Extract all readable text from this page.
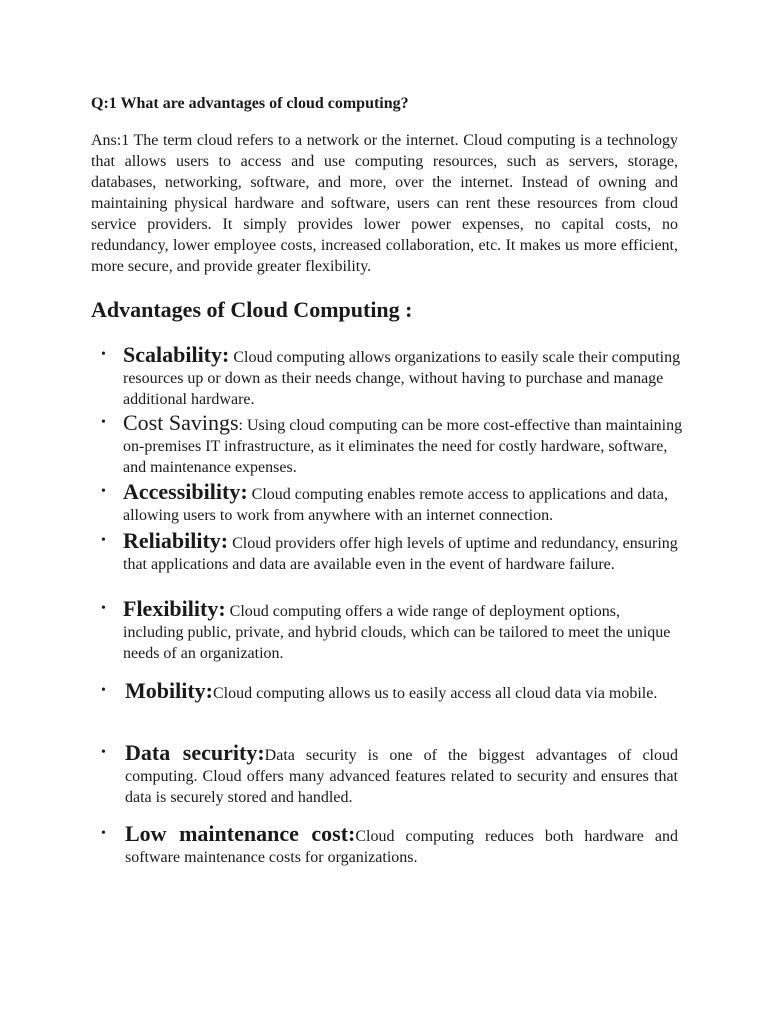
Q:1 What are advantages of cloud computing?

Ans:1 The term cloud refers to a network or the internet. Cloud computing is a technology that allows users to access and use computing resources, such as servers, storage, databases, networking, software, and more, over the internet. Instead of owning and maintaining physical hardware and software, users can rent these resources from cloud service providers. It simply provides lower power expenses, no capital costs, no redundancy, lower employee costs, increased collaboration, etc. It makes us more efficient, more secure, and provide greater flexibility.

Advantages of Cloud Computing :
• Scalability: Cloud computing allows organizations to easily scale their computing resources up or down as their needs change, without having to purchase and manage additional hardware.
• Cost Savings: Using cloud computing can be more cost-effective than maintaining on-premises IT infrastructure, as it eliminates the need for costly hardware, software, and maintenance expenses.
• Accessibility: Cloud computing enables remote access to applications and data, allowing users to work from anywhere with an internet connection.
• Reliability: Cloud providers offer high levels of uptime and redundancy, ensuring that applications and data are available even in the event of hardware failure.
• Flexibility: Cloud computing offers a wide range of deployment options, including public, private, and hybrid clouds, which can be tailored to meet the unique needs of an organization.
• Mobility:Cloud computing allows us to easily access all cloud data via mobile.
• Data security:Data security is one of the biggest advantages of cloud computing. Cloud offers many advanced features related to security and ensures that data is securely stored and handled.
• Low maintenance cost:Cloud computing reduces both hardware and software maintenance costs for organizations.
